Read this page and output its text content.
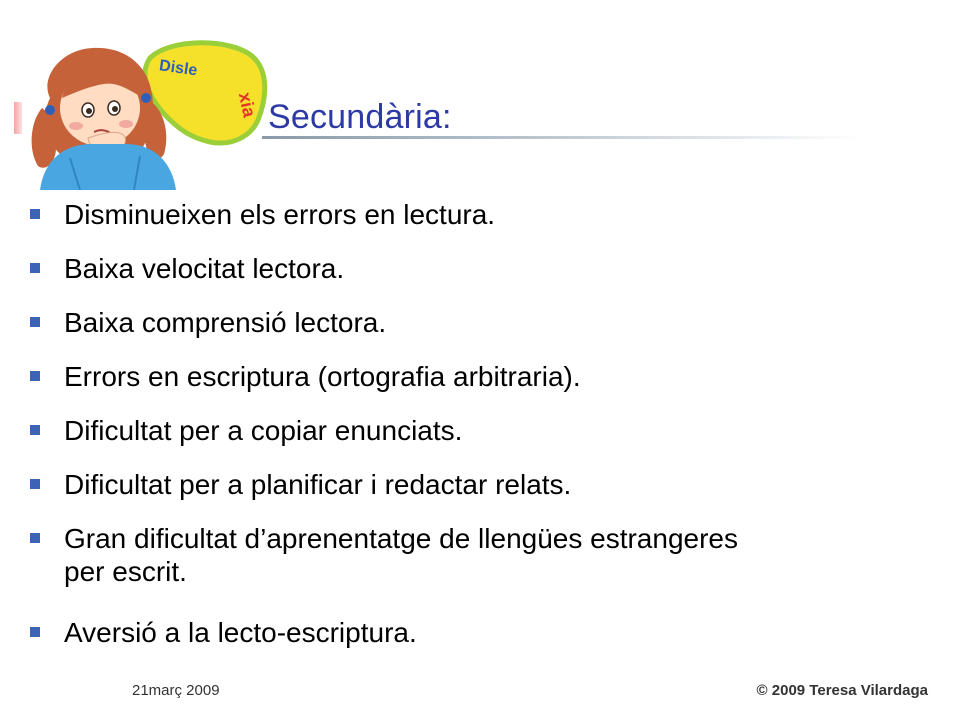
Disle
xia Secundària:
Disminueixen els errors en lectura.
Baixa velocitat lectora.
Baixa comprensió lectora.
Errors en escriptura (ortografia arbitraria).
Dificultat per a copiar enunciats.
Dificultat per a planificar i redactar relats.
Gran dificultat d’aprenentatge de llengües estrangeres per escrit.
Aversió a la lecto-escriptura.
21març 2009	© 2009 Teresa Vilardaga
